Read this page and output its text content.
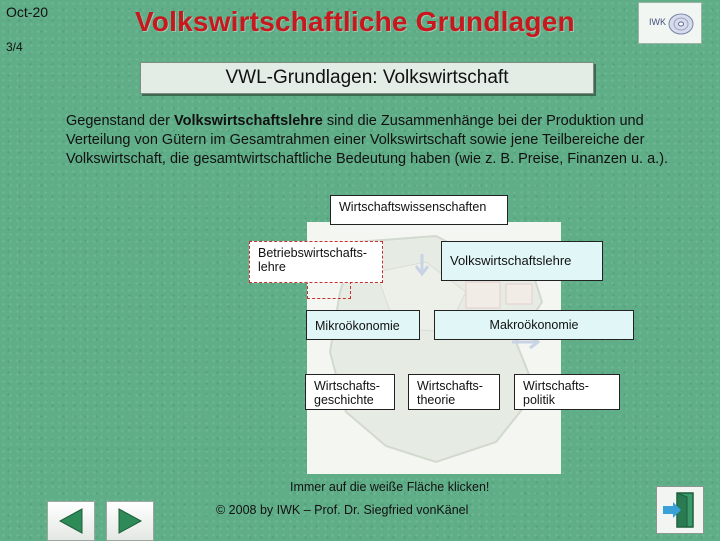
Oct-20
3/4
Volkswirtschaftliche Grundlagen	IWK
VWL-Grundlagen: Volkswirtschaft
Gegenstand der Volkswirtschaftslehre sind die Zusammenhänge bei der Produktion und Verteilung von Gütern im Gesamtrahmen einer Volkswirtschaft sowie jene Teilbereiche der Volkswirtschaft, die gesamtwirtschaftliche Bedeutung haben (wie z. B. Preise, Finanzen u. a.).
Wirtschaftswissenschaften
Betriebswirtschafts-
lehre	Volkswirtschaftslehre
Mikroökonomie	Makroökonomie
Wirtschafts-
geschichte
Wirtschafts-
theorie
Wirtschafts-
politik
Immer auf die weiße Fläche klicken!
© 2008 by IWK – Prof. Dr. Siegfried vonKänel
